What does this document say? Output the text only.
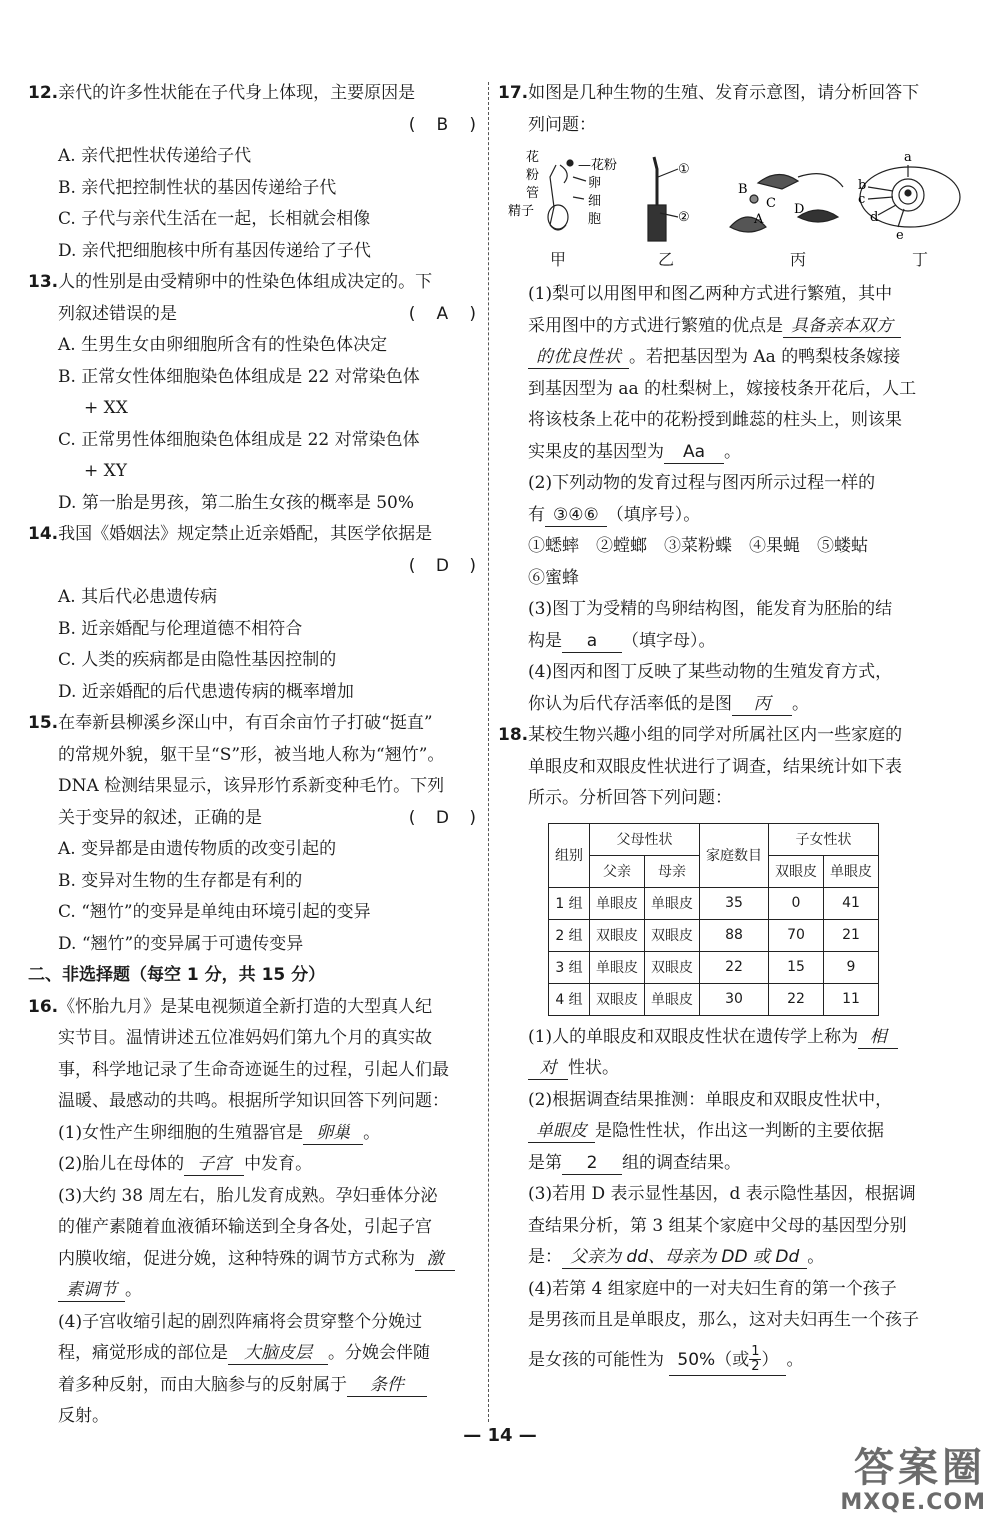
12.亲代的许多性状能在子代身上体现，主要原因是
( B )
A. 亲代把性状传递给子代
B. 亲代把控制性状的基因传递给子代
C. 子代与亲代生活在一起，长相就会相像
D. 亲代把细胞核中所有基因传递给了子代
13.人的性别是由受精卵中的性染色体组成决定的。下
列叙述错误的是	( A )
A. 生男生女由卵细胞所含有的性染色体决定
B. 正常女性体细胞染色体组成是 22 对常染色体
+ XX
C. 正常男性体细胞染色体组成是 22 对常染色体
+ XY
D. 第一胎是男孩，第二胎生女孩的概率是 50%
14.我国《婚姻法》规定禁止近亲婚配，其医学依据是
( D )
A. 其后代必患遗传病
B. 近亲婚配与伦理道德不相符合
C. 人类的疾病都是由隐性基因控制的
D. 近亲婚配的后代患遗传病的概率增加
15.在奉新县柳溪乡深山中，有百余亩竹子打破“挺直”
的常规外貌，躯干呈“S”形，被当地人称为“翘竹”。
DNA 检测结果显示，该异形竹系新变种毛竹。下列
关于变异的叙述，正确的是	( D )
A. 变异都是由遗传物质的改变引起的
B. 变异对生物的生存都是有利的
C. “翘竹”的变异是单纯由环境引起的变异
D. “翘竹”的变异属于可遗传变异
二、非选择题（每空 1 分，共 15 分）
16.《怀胎九月》是某电视频道全新打造的大型真人纪
实节目。温情讲述五位准妈妈们第九个月的真实故
事，科学地记录了生命奇迹诞生的过程，引起人们最
温暖、最感动的共鸣。根据所学知识回答下列问题：
(1)女性产生卵细胞的生殖器官是 卵巢 。
(2)胎儿在母体的 子宫 中发育。
(3)大约 38 周左右，胎儿发育成熟。孕妇垂体分泌
的催产素随着血液循环输送到全身各处，引起子宫
内膜收缩，促进分娩，这种特殊的调节方式称为 激
素调节 。
(4)子宫收缩引起的剧烈阵痛将会贯穿整个分娩过
程，痛觉形成的部位是 大脑皮层 。分娩会伴随
着多种反射，而由大脑参与的反射属于 条件
反射。
17.如图是几种生物的生殖、发育示意图，请分析回答下
列问题：
花
粉
管
—花粉
卵
细
胞
精子
①
②
B
C
A
D
a
b
c
d
e
甲	乙	丙	丁
(1)梨可以用图甲和图乙两种方式进行繁殖，其中
采用图中的方式进行繁殖的优点是 具备亲本双方
的优良性状 。若把基因型为 Aa 的鸭梨枝条嫁接
到基因型为 aa 的杜梨树上，嫁接枝条开花后，人工
将该枝条上花中的花粉授到雌蕊的柱头上，则该果
实果皮的基因型为 Aa 。
(2)下列动物的发育过程与图丙所示过程一样的
有 ③④⑥ （填序号）。
①蟋蟀　②螳螂　③菜粉蝶　④果蝇　⑤蝼蛄
⑥蜜蜂
(3)图丁为受精的鸟卵结构图，能发育为胚胎的结
构是 a （填字母）。
(4)图丙和图丁反映了某些动物的生殖发育方式，
你认为后代存活率低的是图 丙 。
18.某校生物兴趣小组的同学对所属社区内一些家庭的
单眼皮和双眼皮性状进行了调查，结果统计如下表
所示。分析回答下列问题：
组别	父母性状		家庭数目	子女性状	
	父亲	母亲		双眼皮	单眼皮
1 组	单眼皮	单眼皮	35	0	41
2 组	双眼皮	双眼皮	88	70	21
3 组	单眼皮	双眼皮	22	15	9
4 组	双眼皮	单眼皮	30	22	11
(1)人的单眼皮和双眼皮性状在遗传学上称为 相
对 性状。
(2)根据调查结果推测：单眼皮和双眼皮性状中，
单眼皮 是隐性性状，作出这一判断的主要依据
是第 2 组的调查结果。
(3)若用 D 表示显性基因，d 表示隐性基因，根据调
查结果分析，第 3 组某个家庭中父母的基因型分别
是： 父亲为 dd、母亲为 DD 或 Dd 。
(4)若第 4 组家庭中的一对夫妇生育的第一个孩子
是男孩而且是单眼皮，那么，这对夫妇再生一个孩子
是女孩的可能性为 50%（或 $\frac{1}{2}$） 。
— 14 —
答案圈
MXQE.COM
